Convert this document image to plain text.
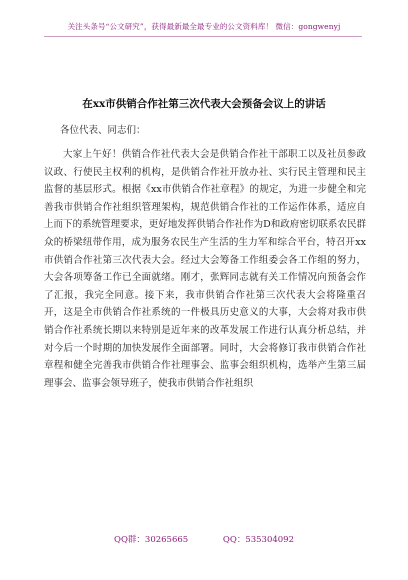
关注头条号“公文研究”，获得最新最全最专业的公文资料库！ 微信：gongwenyj
在xx市供销合作社第三次代表大会预备会议上的讲话
各位代表、同志们：

大家上午好！供销合作社代表大会是供销合作社干部职工以及社员参政议政、行使民主权利的机构，是供销合作社开放办社、实行民主管理和民主监督的基层形式。根据《xx市供销合作社章程》的规定，为进一步健全和完善我市供销合作社组织管理架构，规范供销合作社的工作运作体系，适应自上而下的系统管理要求，更好地发挥供销合作社作为D和政府密切联系农民群众的桥梁纽带作用，成为服务农民生产生活的生力军和综合平台，特召开xx市供销合作社第三次代表大会。经过大会筹备工作组委会各工作组的努力，大会各项筹备工作已全面就绪。刚才，张辉同志就有关工作情况向预备会作了汇报，我完全同意。接下来，我市供销合作社第三次代表大会将隆重召开，这是全市供销合作社系统的一件极具历史意义的大事，大会将对我市供销合作社系统长期以来特别是近年来的改革发展工作进行认真分析总结，并对今后一个时期的加快发展作全面部署。同时，大会将修订我市供销合作社章程和健全完善我市供销合作社理事会、监事会组织机构，选举产生第三届理事会、监事会领导班子，使我市供销合作社组织

QQ群：30265665	QQ：535304092
